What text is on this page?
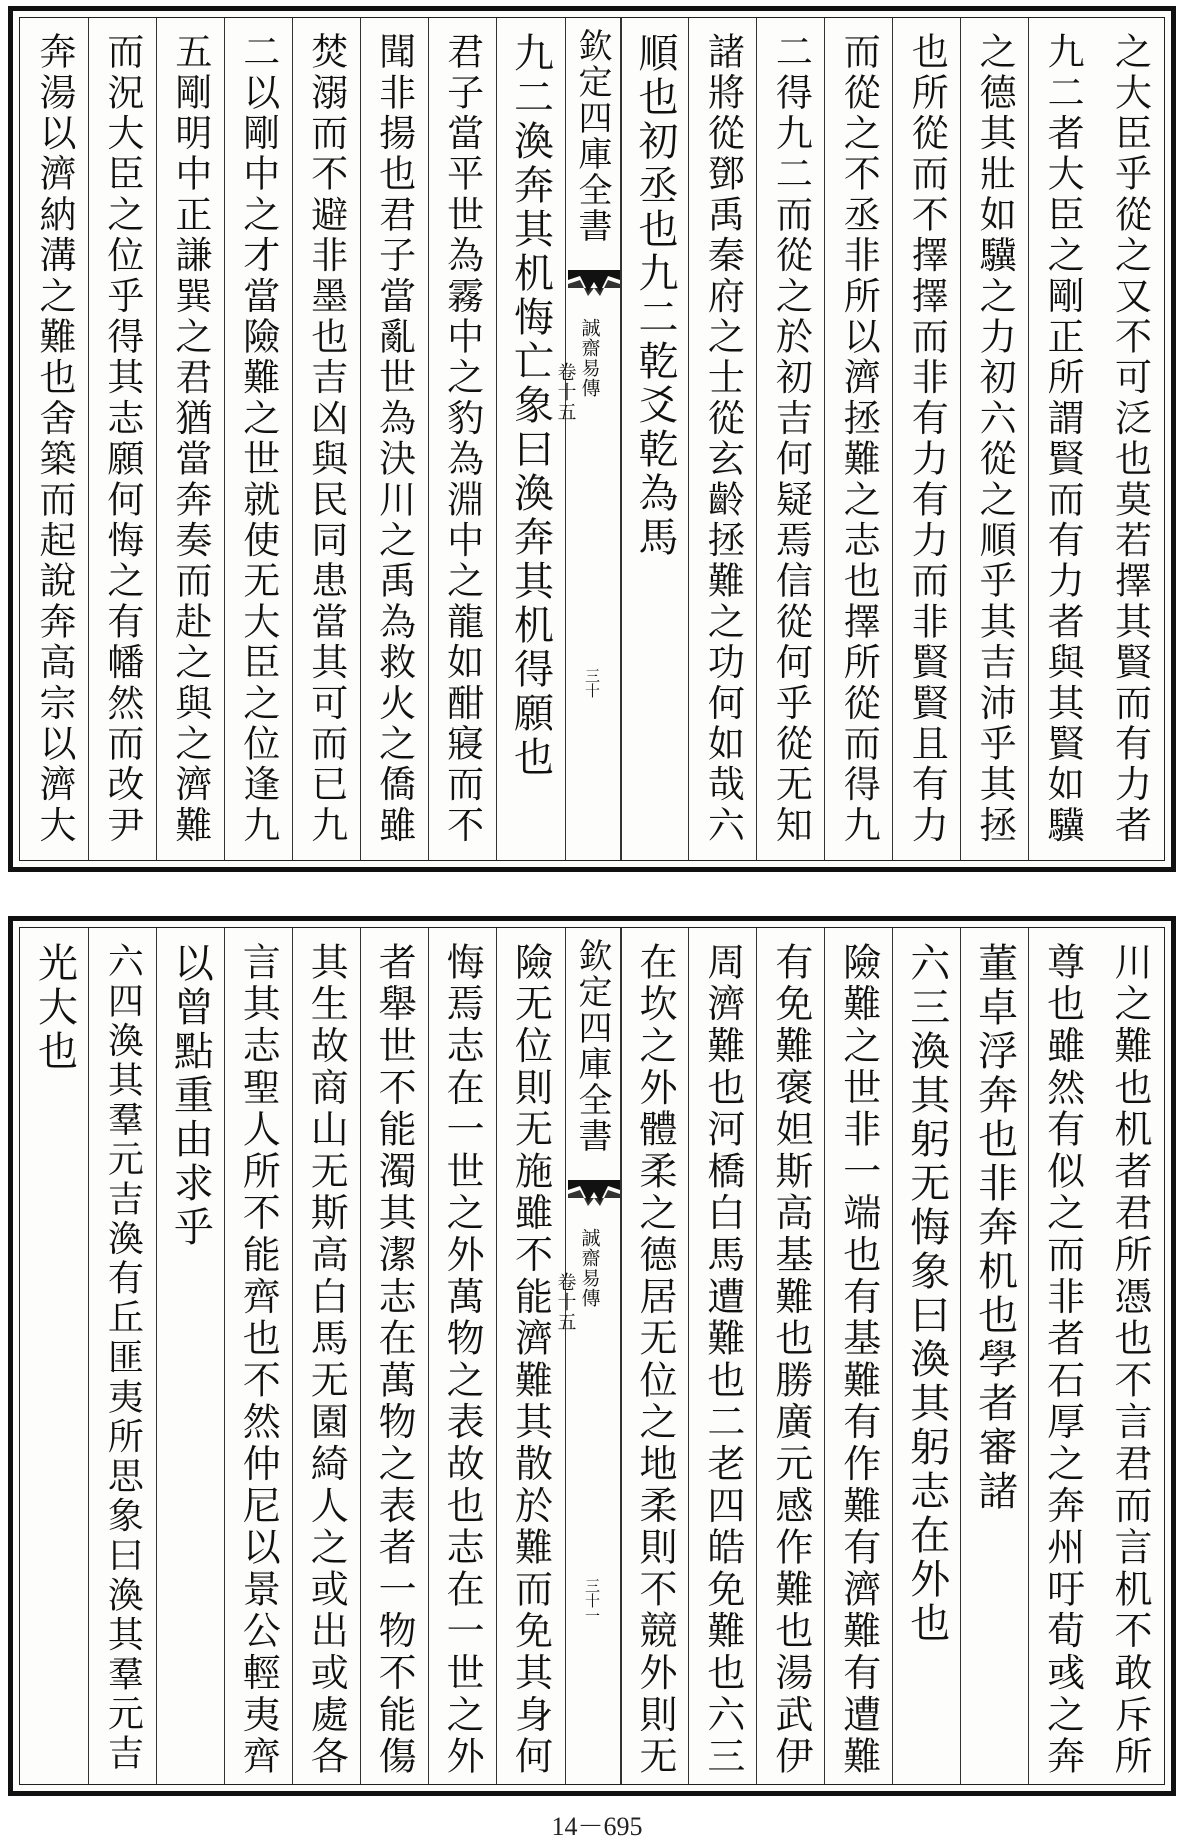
之大臣乎從之又不可泛也莫若擇其賢而有力者
九二者大臣之剛正所謂賢而有力者與其賢如驥
之德其壯如驥之力初六從之順乎其吉沛乎其拯
也所從而不擇擇而非有力有力而非賢賢且有力
而從之不丞非所以濟拯難之志也擇所從而得九
二得九二而從之於初吉何疑焉信從何乎從无知
諸將從鄧禹秦府之士從玄齡拯難之功何如哉六
順也初丞也九二乾爻乾為馬
欽定四庫全書
誠齋易傳
卷十五
三十
九二渙奔其机悔亡象曰渙奔其机得願也
君子當平世為霧中之豹為淵中之龍如酣寢而不
聞非揚也君子當亂世為決川之禹為救火之僑雖
焚溺而不避非墨也吉凶與民同患當其可而已九
二以剛中之才當險難之世就使无大臣之位逢九
五剛明中正謙巽之君猶當奔奏而赴之與之濟難
而況大臣之位乎得其志願何悔之有幡然而改尹
奔湯以濟納溝之難也舍築而起說奔高宗以濟大
川之難也机者君所憑也不言君而言机不敢斥所
尊也雖然有似之而非者石厚之奔州吁荀彧之奔
董卓浮奔也非奔机也學者審諸
六三渙其躬无悔象曰渙其躬志在外也
險難之世非一端也有基難有作難有濟難有遭難
有免難褒妲斯高基難也勝廣元感作難也湯武伊
周濟難也河橋白馬遭難也二老四皓免難也六三
在坎之外體柔之德居无位之地柔則不競外則无
欽定四庫全書
誠齋易傳
卷十五
三十一
險无位則无施雖不能濟難其散於難而免其身何
悔焉志在一世之外萬物之表故也志在一世之外
者舉世不能濁其潔志在萬物之表者一物不能傷
其生故商山无斯高白馬无園綺人之或出或處各
言其志聖人所不能齊也不然仲尼以景公輕夷齊
以曾點重由求乎
六四渙其羣元吉渙有丘匪夷所思象曰渙其羣元吉
光大也
14－695
